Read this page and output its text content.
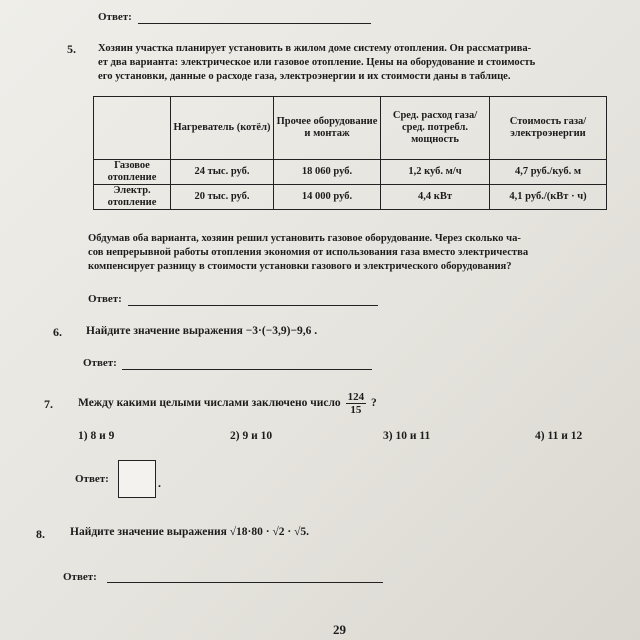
Ответ:
5. Хозяин участка планирует установить в жилом доме систему отопления. Он рассматрива-
ет два варианта: электрическое или газовое отопление. Цены на оборудование и стоимость
его установки, данные о расходе газа, электроэнергии и их стоимости даны в таблице.
	Нагреватель (котёл)	Прочее оборудование и монтаж	Сред. расход газа/ сред. потребл. мощность	Стоимость газа/ электроэнергии
Газовое отопление	24 тыс. руб.	18 060 руб.	1,2 куб. м/ч	4,7 руб./куб. м
Электр. отопление	20 тыс. руб.	14 000 руб.	4,4 кВт	4,1 руб./(кВт · ч)
Обдумав оба варианта, хозяин решил установить газовое оборудование. Через сколько ча-
сов непрерывной работы отопления экономия от использования газа вместо электричества
компенсирует разницу в стоимости установки газового и электрического оборудования?
Ответ:
6. Найдите значение выражения −3·(−3,9)−9,6 .
Ответ:
7. Между какими целыми числами заключено число $\frac{124}{15}$ ?
1) 8 и 9	2) 9 и 10	3) 10 и 11	4) 11 и 12
Ответ:	.
8. Найдите значение выражения √18·80 · √2 · √5.
Ответ:
29
